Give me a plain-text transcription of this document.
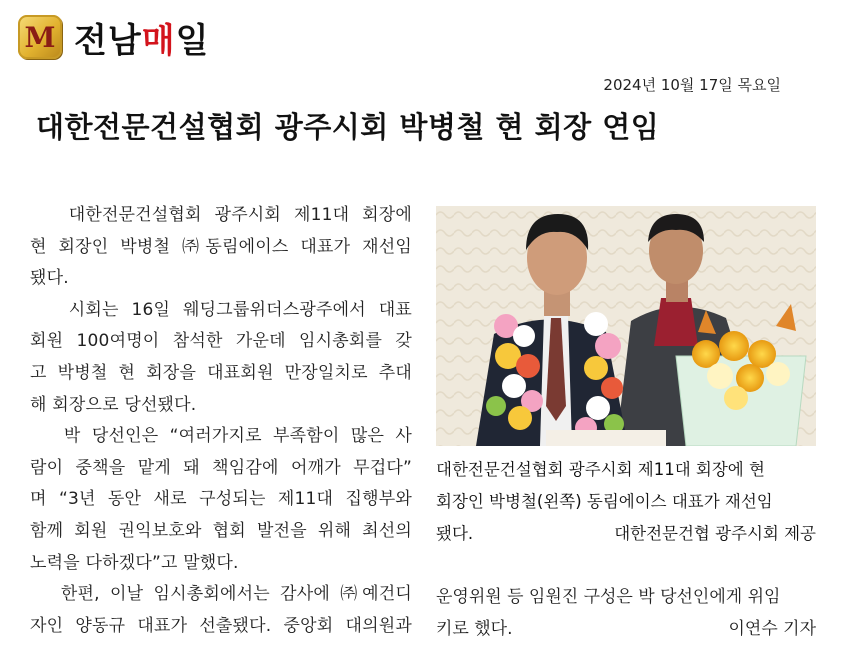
M 전남매일
2024년 10월 17일 목요일
대한전문건설협회 광주시회 박병철 현 회장 연임

대한전문건설협회 광주시회 제11대 회장에

현 회장인 박병철 ㈜동림에이스 대표가 재선임

됐다.

시회는 16일 웨딩그룹위더스광주에서 대표

회원 100여명이 참석한 가운데 임시총회를 갖

고 박병철 현 회장을 대표회원 만장일치로 추대

해 회장으로 당선됐다.

박 당선인은 “여러가지로 부족함이 많은 사

람이 중책을 맡게 돼 책임감에 어깨가 무겁다”

며 “3년 동안 새로 구성되는 제11대 집행부와

함께 회원 권익보호와 협회 발전을 위해 최선의

노력을 다하겠다”고 말했다.

한편, 이날 임시총회에서는 감사에 ㈜예건디

자인 양동규 대표가 선출됐다. 중앙회 대의원과

대한전문건설협회 광주시회 제11대 회장에 현
회장인 박병철(왼쪽) 동림에이스 대표가 재선임
됐다.	대한전문건협 광주시회 제공
운영위원 등 임원진 구성은 박 당선인에게 위임
키로 했다.	이연수 기자
